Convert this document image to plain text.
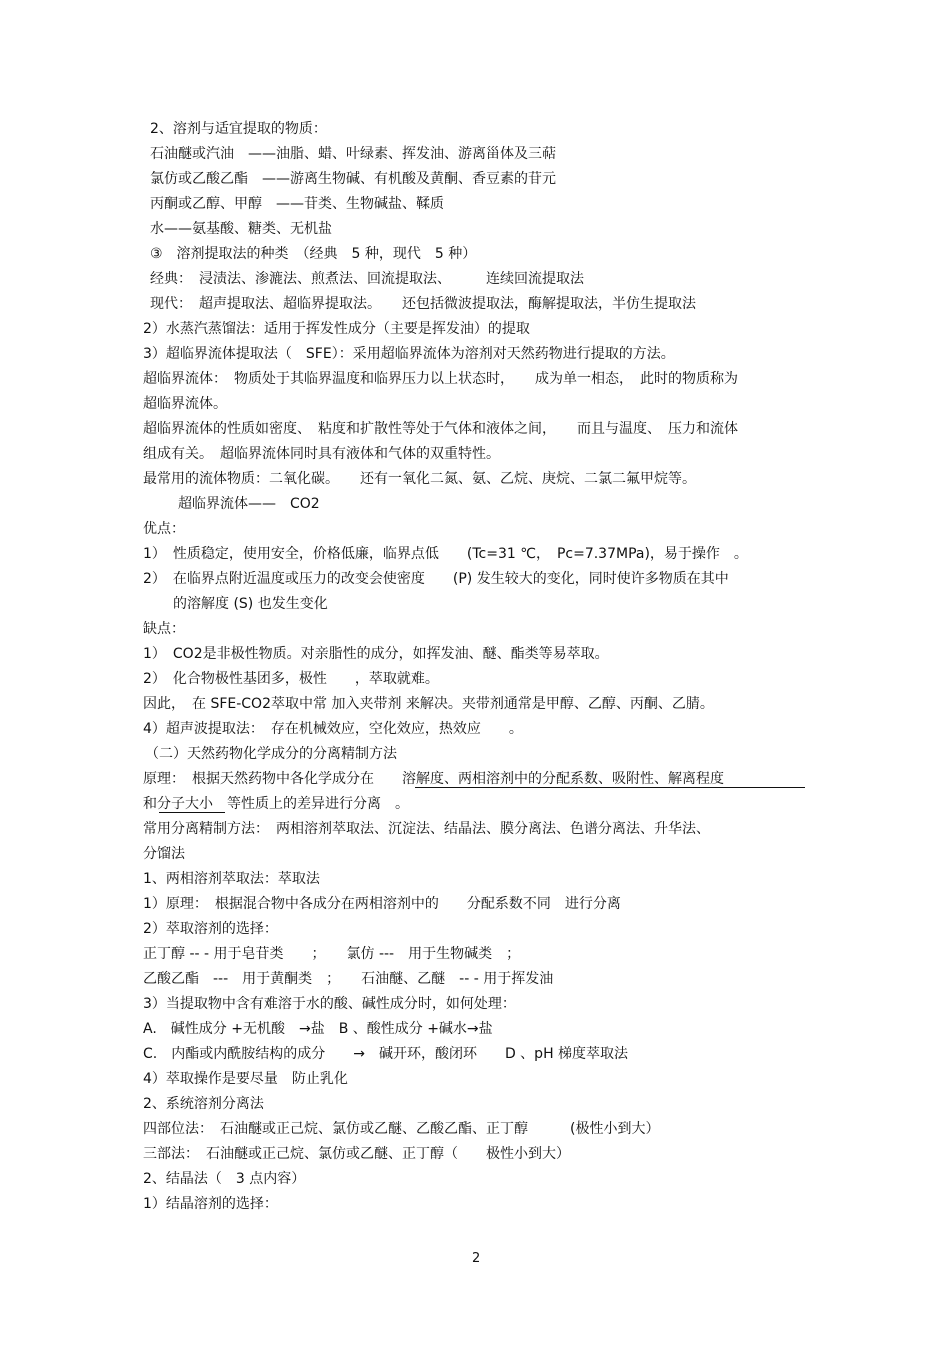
2、溶剂与适宜提取的物质：
石油醚或汽油　——油脂、蜡、叶绿素、挥发油、游离甾体及三萜
氯仿或乙酸乙酯　——游离生物碱、有机酸及黄酮、香豆素的苷元
丙酮或乙醇、甲醇　——苷类、生物碱盐、鞣质
水——氨基酸、糖类、无机盐
③　溶剂提取法的种类　（经典　5 种，现代　5 种）
经典：　浸渍法、渗漉法、煎煮法、回流提取法、　　　连续回流提取法
现代：　超声提取法、超临界提取法。　　还包括微波提取法，酶解提取法，半仿生提取法
2）水蒸汽蒸馏法：适用于挥发性成分（主要是挥发油）的提取
3）超临界流体提取法（　SFE）：采用超临界流体为溶剂对天然药物进行提取的方法。
超临界流体：　物质处于其临界温度和临界压力以上状态时，　　成为单一相态，　此时的物质称为
超临界流体。
超临界流体的性质如密度、　粘度和扩散性等处于气体和液体之间，　　而且与温度、　压力和流体
组成有关。　超临界流体同时具有液体和气体的双重特性。
最常用的流体物质：二氧化碳。　　还有一氧化二氮、氨、乙烷、庚烷、二氯二氟甲烷等。
超临界流体——　CO2
优点：
1）　性质稳定，使用安全，价格低廉，临界点低　　(Tc=31 ℃，　Pc=7.37MPa)，易于操作　。
2）　在临界点附近温度或压力的改变会使密度　　(P) 发生较大的变化，同时使许多物质在其中
的溶解度 (S) 也发生变化
缺点：
1）　CO2是非极性物质。对亲脂性的成分，如挥发油、醚、酯类等易萃取。
2）　化合物极性基团多，极性　　，萃取就难。
因此，　在 SFE-CO2萃取中常 加入夹带剂 来解决。夹带剂通常是甲醇、乙醇、丙酮、乙腈。
4）超声波提取法：　存在机械效应，空化效应，热效应　　。
（二）天然药物化学成分的分离精制方法
原理：　根据天然药物中各化学成分在　　溶解度、两相溶剂中的分配系数、吸附性、解离程度
和分子大小　等性质上的差异进行分离　。
常用分离精制方法：　两相溶剂萃取法、沉淀法、结晶法、膜分离法、色谱分离法、升华法、
分馏法
1、两相溶剂萃取法：萃取法
1）原理：　根据混合物中各成分在两相溶剂中的　　分配系数不同　进行分离
2）萃取溶剂的选择：
正丁醇 -- - 用于皂苷类　　；　　氯仿 ---　用于生物碱类　；
乙酸乙酯　---　用于黄酮类　；　　石油醚、乙醚　-- - 用于挥发油
3）当提取物中含有难溶于水的酸、碱性成分时，如何处理：
A.　碱性成分 +无机酸　→盐　B 、酸性成分 +碱水→盐
C.　内酯或内酰胺结构的成分　　→　碱开环，酸闭环　　D 、pH 梯度萃取法
4）萃取操作是要尽量　防止乳化
2、系统溶剂分离法
四部位法：　石油醚或正己烷、氯仿或乙醚、乙酸乙酯、正丁醇　　　(极性小到大）
三部法：　石油醚或正己烷、氯仿或乙醚、正丁醇（　　极性小到大）
2、结晶法（　3 点内容）
1）结晶溶剂的选择：
2
